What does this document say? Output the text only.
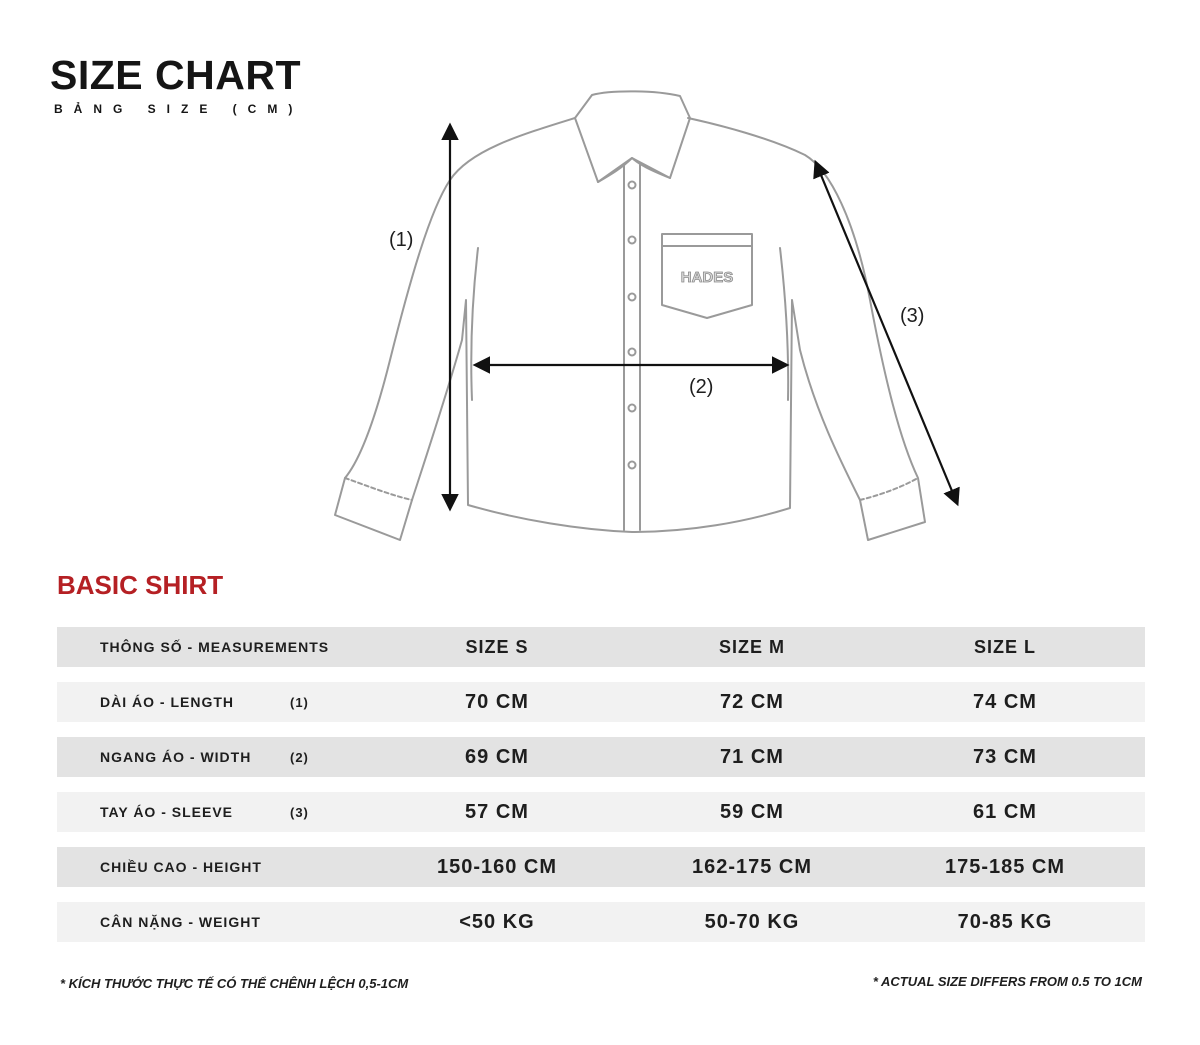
SIZE CHART
BẢNG SIZE (CM)
HADES
(1)
(2)
(3)
BASIC SHIRT
THÔNG SỐ - MEASUREMENTS	SIZE S	SIZE M	SIZE L
DÀI ÁO - LENGTH	(1)	70 CM	72 CM	74 CM
NGANG ÁO - WIDTH	(2)	69 CM	71 CM	73 CM
TAY ÁO - SLEEVE	(3)	57 CM	59 CM	61 CM
CHIỀU CAO - HEIGHT	150-160 CM	162-175 CM	175-185 CM
CÂN NẶNG - WEIGHT	<50 KG	50-70 KG	70-85 KG
* KÍCH THƯỚC THỰC TẾ CÓ THỂ CHÊNH LỆCH 0,5-1CM	* ACTUAL SIZE DIFFERS FROM 0.5 TO 1CM
